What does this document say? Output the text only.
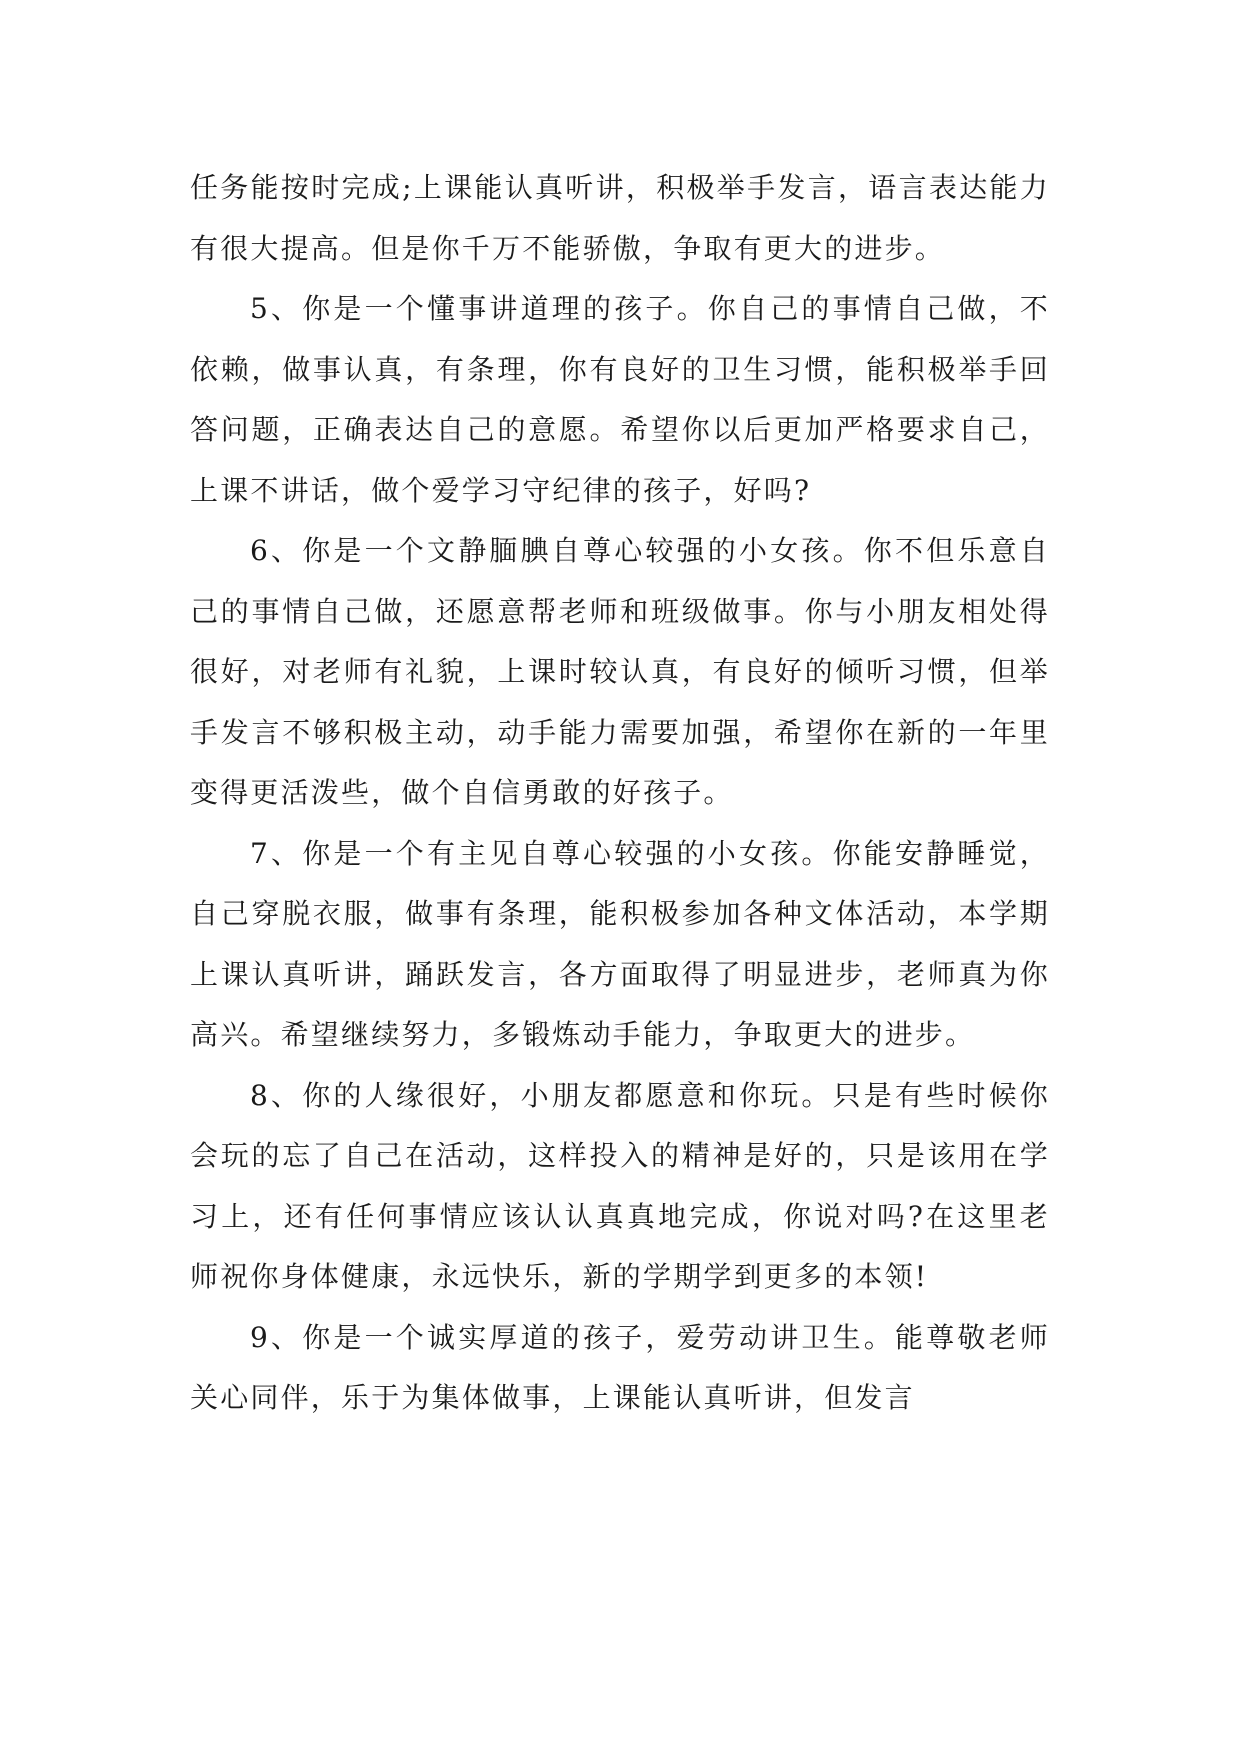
任务能按时完成;上课能认真听讲，积极举手发言，语言表达能力有很大提高。但是你千万不能骄傲，争取有更大的进步。

5、你是一个懂事讲道理的孩子。你自己的事情自己做，不依赖，做事认真，有条理，你有良好的卫生习惯，能积极举手回答问题，正确表达自己的意愿。希望你以后更加严格要求自己，上课不讲话，做个爱学习守纪律的孩子，好吗?

6、你是一个文静腼腆自尊心较强的小女孩。你不但乐意自己的事情自己做，还愿意帮老师和班级做事。你与小朋友相处得很好，对老师有礼貌，上课时较认真，有良好的倾听习惯，但举手发言不够积极主动，动手能力需要加强，希望你在新的一年里变得更活泼些，做个自信勇敢的好孩子。

7、你是一个有主见自尊心较强的小女孩。你能安静睡觉，自己穿脱衣服，做事有条理，能积极参加各种文体活动，本学期上课认真听讲，踊跃发言，各方面取得了明显进步，老师真为你高兴。希望继续努力，多锻炼动手能力，争取更大的进步。

8、你的人缘很好，小朋友都愿意和你玩。只是有些时候你会玩的忘了自己在活动，这样投入的精神是好的，只是该用在学习上，还有任何事情应该认认真真地完成，你说对吗?在这里老师祝你身体健康，永远快乐，新的学期学到更多的本领!

9、你是一个诚实厚道的孩子，爱劳动讲卫生。能尊敬老师关心同伴，乐于为集体做事，上课能认真听讲，但发言
